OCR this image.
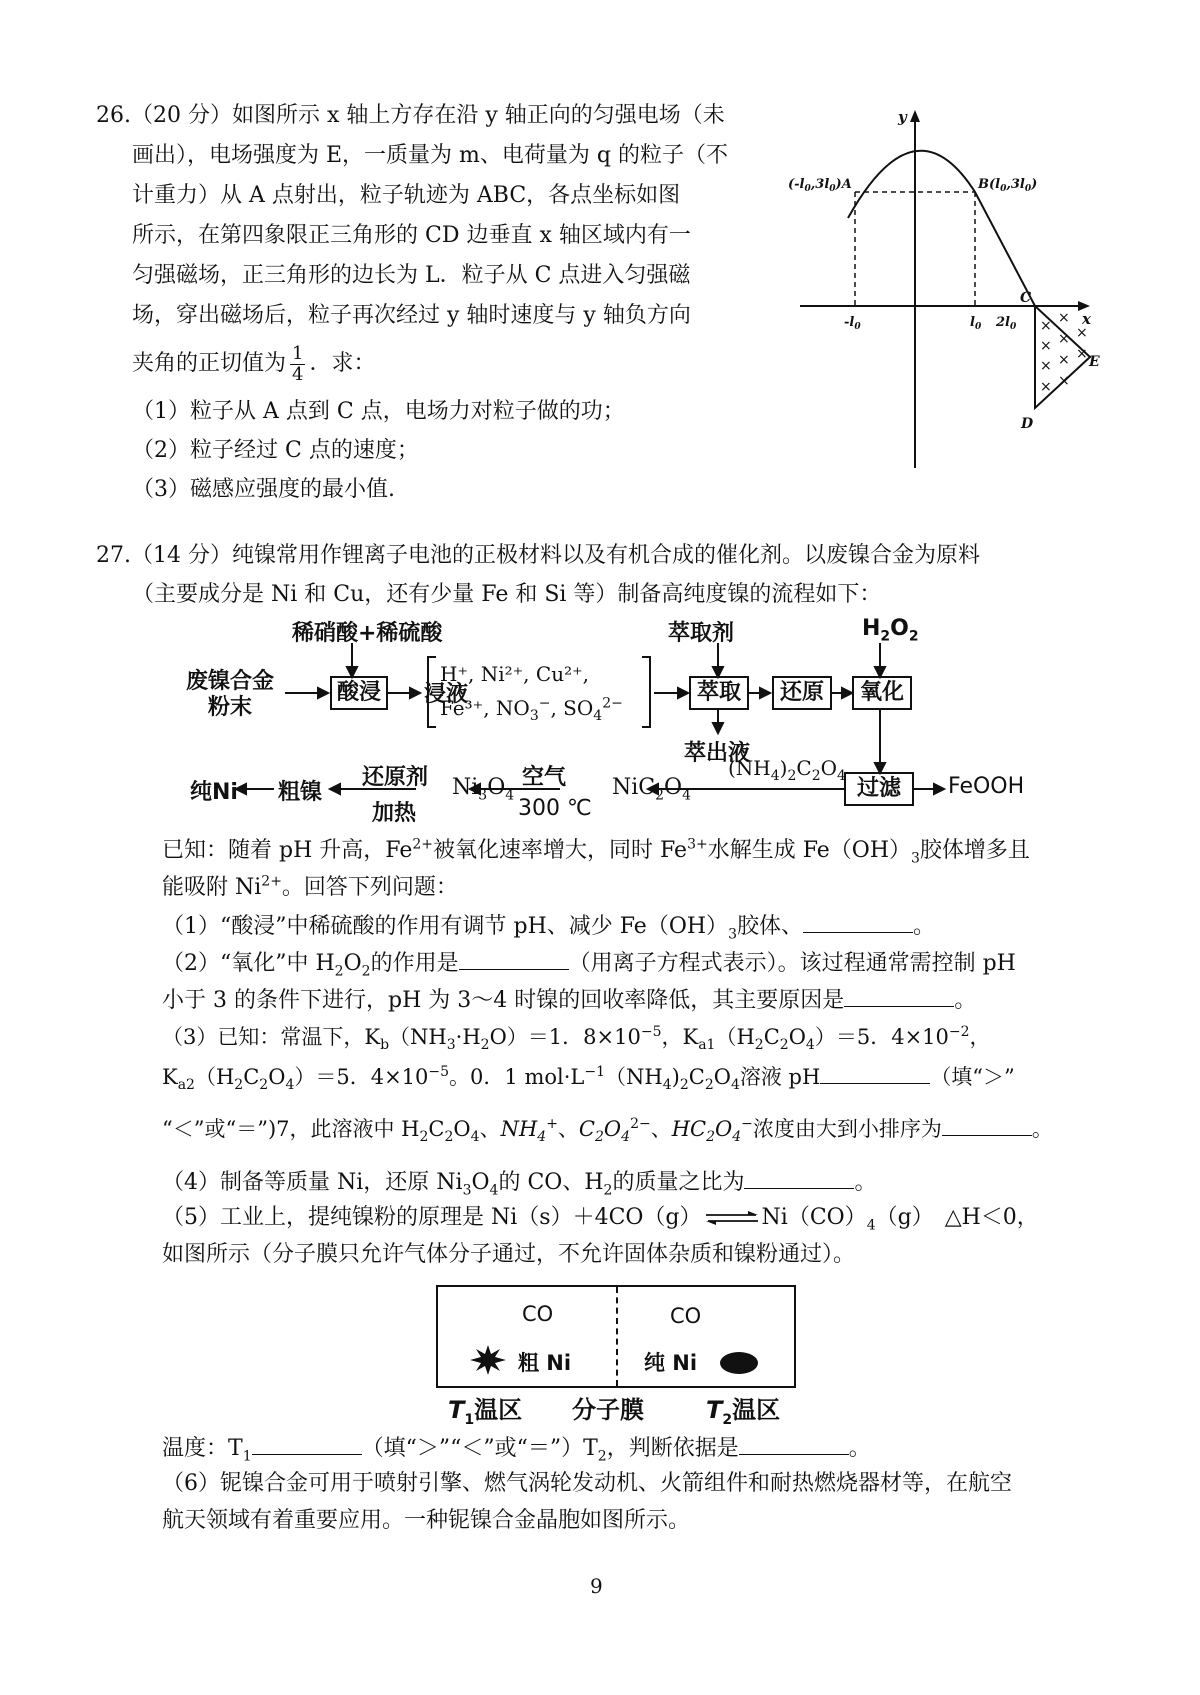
26.（20 分）如图所示 x 轴上方存在沿 y 轴正向的匀强电场（未
画出），电场强度为 E，一质量为 m、电荷量为 q 的粒子（不
计重力）从 A 点射出，粒子轨迹为 ABC，各点坐标如图
所示，在第四象限正三角形的 CD 边垂直 x 轴区域内有一
匀强磁场，正三角形的边长为 L．粒子从 C 点进入匀强磁
场，穿出磁场后，粒子再次经过 y 轴时速度与 y 轴负方向
夹角的正切值为 $\frac{1}{4}$ ．求：
（1）粒子从 A 点到 C 点，电场力对粒子做的功；
（2）粒子经过 C 点的速度；
（3）磁感应强度的最小值.
× ×
× × ×
× × ×
× ×
y
x
$(-l_0,3l_0)A$	$B(l_0,3l_0)$
$-l_0$	$l_0$ $2l_0$
C
D
E
27.（14 分）纯镍常用作锂离子电池的正极材料以及有机合成的催化剂。以废镍合金为原料
（主要成分是 Ni 和 Cu，还有少量 Fe 和 Si 等）制备高纯度镍的流程如下：
稀硝酸+稀硫酸
废镍合金
粉末
酸浸	浸液
H⁺, Ni²⁺, Cu²⁺,
Fe³⁺, $NO_3^-$, $SO_4^{2-}$
萃取剂
萃取
萃出液
还原
$H_2O_2$
氧化
过滤	FeOOH
$(NH_4)_2C_2O_4$
$NiC_2O_4$
空气
300 ℃
$Ni_3O_4$
还原剂
加热
粗镍
纯Ni
已知：随着 pH 升高，$Fe^{2+}$被氧化速率增大，同时 $Fe^{3+}$水解生成 $Fe(OH)_3$胶体增多且
能吸附 $Ni^{2+}$。回答下列问题：
（1）“酸浸”中稀硫酸的作用有调节 pH、减少 $Fe(OH)_3$胶体、	。
（2）“氧化”中 $H_2O_2$的作用是	（用离子方程式表示）。该过程通常需控制 pH
小于 3 的条件下进行，pH 为 3～4 时镍的回收率降低，其主要原因是	。
（3）已知：常温下，$K_b(NH_3\cdot H_2O)=1$．$8\times 10^{-5}$，$K_{a1}(H_2C_2O_4)=5$．$4\times 10^{-2}$，
$K_{a2}(H_2C_2O_4)=5$．$4\times 10^{-5}$。0．1 $mol\cdot L^{-1}(NH_4)_2C_2O_4$溶液 pH	（填“＞”
“＜”或“＝”)7，此溶液中 $H_2C_2O_4$、$NH_4^+$、$C_2O_4^{2-}$、$HC_2O_4^-$浓度由大到小排序为	。
（4）制备等质量 Ni，还原 $Ni_3O_4$的 CO、$H_2$的质量之比为	。
（5）工业上，提纯镍粉的原理是 Ni（s）＋4CO（g） ⇌ $Ni(CO)_4(g)$　△H＜0，
如图所示（分子膜只允许气体分子通过，不允许固体杂质和镍粉通过）。
CO	CO
粗 Ni	纯 Ni
$T_1$温区 分子膜	$T_2$温区
温度：$T_1$	（填“＞”“＜”或“$=”)T_2$，判断依据是	。
（6）铌镍合金可用于喷射引擎、燃气涡轮发动机、火箭组件和耐热燃烧器材等，在航空
航天领域有着重要应用。一种铌镍合金晶胞如图所示。
9
